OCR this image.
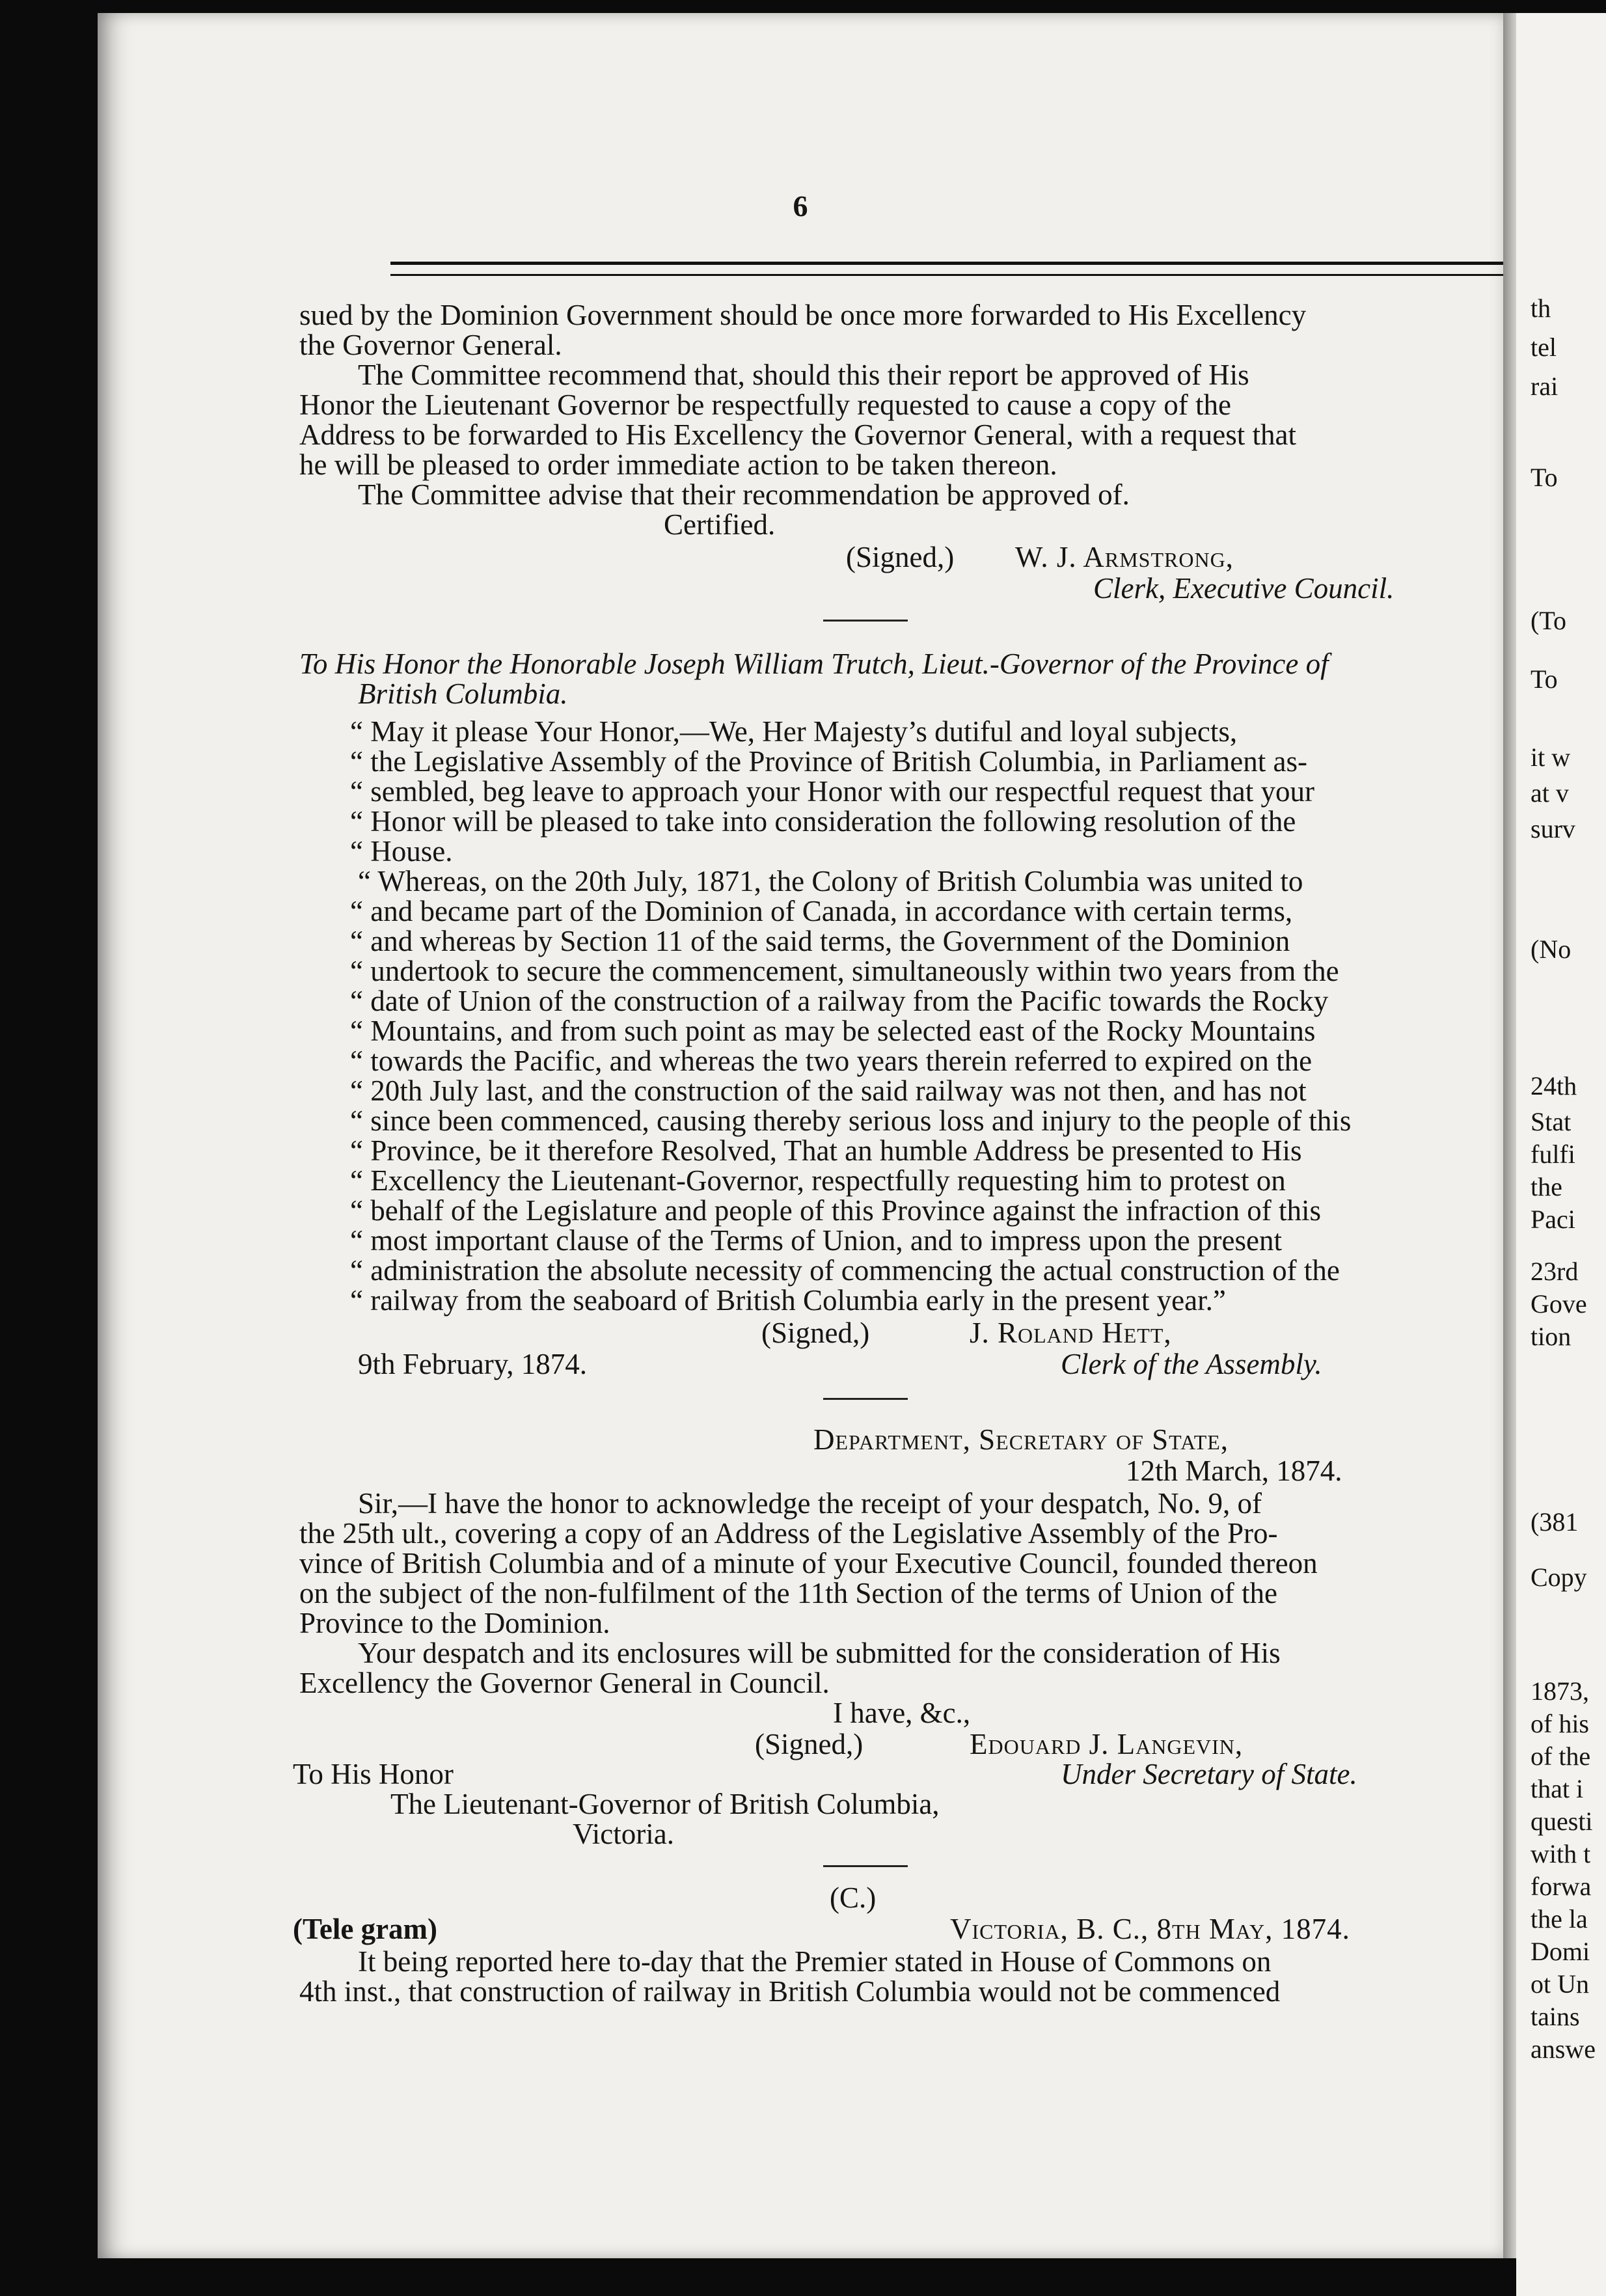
6
sued by the Dominion Government should be once more forwarded to His Excellency
the Governor General.
The Committee recommend that, should this their report be approved of His
Honor the Lieutenant Governor be respectfully requested to cause a copy of the
Address to be forwarded to His Excellency the Governor General, with a request that
he will be pleased to order immediate action to be taken thereon.
The Committee advise that their recommendation be approved of.
Certified.
(Signed,) W. J. Armstrong,
Clerk, Executive Council.
To His Honor the Honorable Joseph William Trutch, Lieut.-Governor of the Province of
British Columbia.
“ May it please Your Honor,—We, Her Majesty’s dutiful and loyal subjects,
“ the Legislative Assembly of the Province of British Columbia, in Parliament as-
“ sembled, beg leave to approach your Honor with our respectful request that your
“ Honor will be pleased to take into consideration the following resolution of the
“ House.
“ Whereas, on the 20th July, 1871, the Colony of British Columbia was united to
“ and became part of the Dominion of Canada, in accordance with certain terms,
“ and whereas by Section 11 of the said terms, the Government of the Dominion
“ undertook to secure the commencement, simultaneously within two years from the
“ date of Union of the construction of a railway from the Pacific towards the Rocky
“ Mountains, and from such point as may be selected east of the Rocky Mountains
“ towards the Pacific, and whereas the two years therein referred to expired on the
“ 20th July last, and the construction of the said railway was not then, and has not
“ since been commenced, causing thereby serious loss and injury to the people of this
“ Province, be it therefore Resolved, That an humble Address be presented to His
“ Excellency the Lieutenant-Governor, respectfully requesting him to protest on
“ behalf of the Legislature and people of this Province against the infraction of this
“ most important clause of the Terms of Union, and to impress upon the present
“ administration the absolute necessity of commencing the actual construction of the
“ railway from the seaboard of British Columbia early in the present year.”
(Signed,)	J. Roland Hett,
9th February, 1874.	Clerk of the Assembly.
Department, Secretary of State,
12th March, 1874.
Sir,—I have the honor to acknowledge the receipt of your despatch, No. 9, of
the 25th ult., covering a copy of an Address of the Legislative Assembly of the Pro-
vince of British Columbia and of a minute of your Executive Council, founded thereon
on the subject of the non-fulfilment of the 11th Section of the terms of Union of the
Province to the Dominion.
Your despatch and its enclosures will be submitted for the consideration of His
Excellency the Governor General in Council.
I have, &c.,
(Signed,)	Edouard J. Langevin,
To His Honor	Under Secretary of State.
The Lieutenant-Governor of British Columbia,
Victoria.
(C.)
(Tele gram)	Victoria, B. C., 8th May, 1874.
It being reported here to-day that the Premier stated in House of Commons on
4th inst., that construction of railway in British Columbia would not be commenced
th
tel
rai
To
(To
To
it w
at v
surv
(No
24th
Stat
fulfi
the
Paci
23rd
Gove
tion
(381
Copy
1873,
of his
of the
that i
questi
with t
forwa
the la
Domi
ot Un
tains
answe
